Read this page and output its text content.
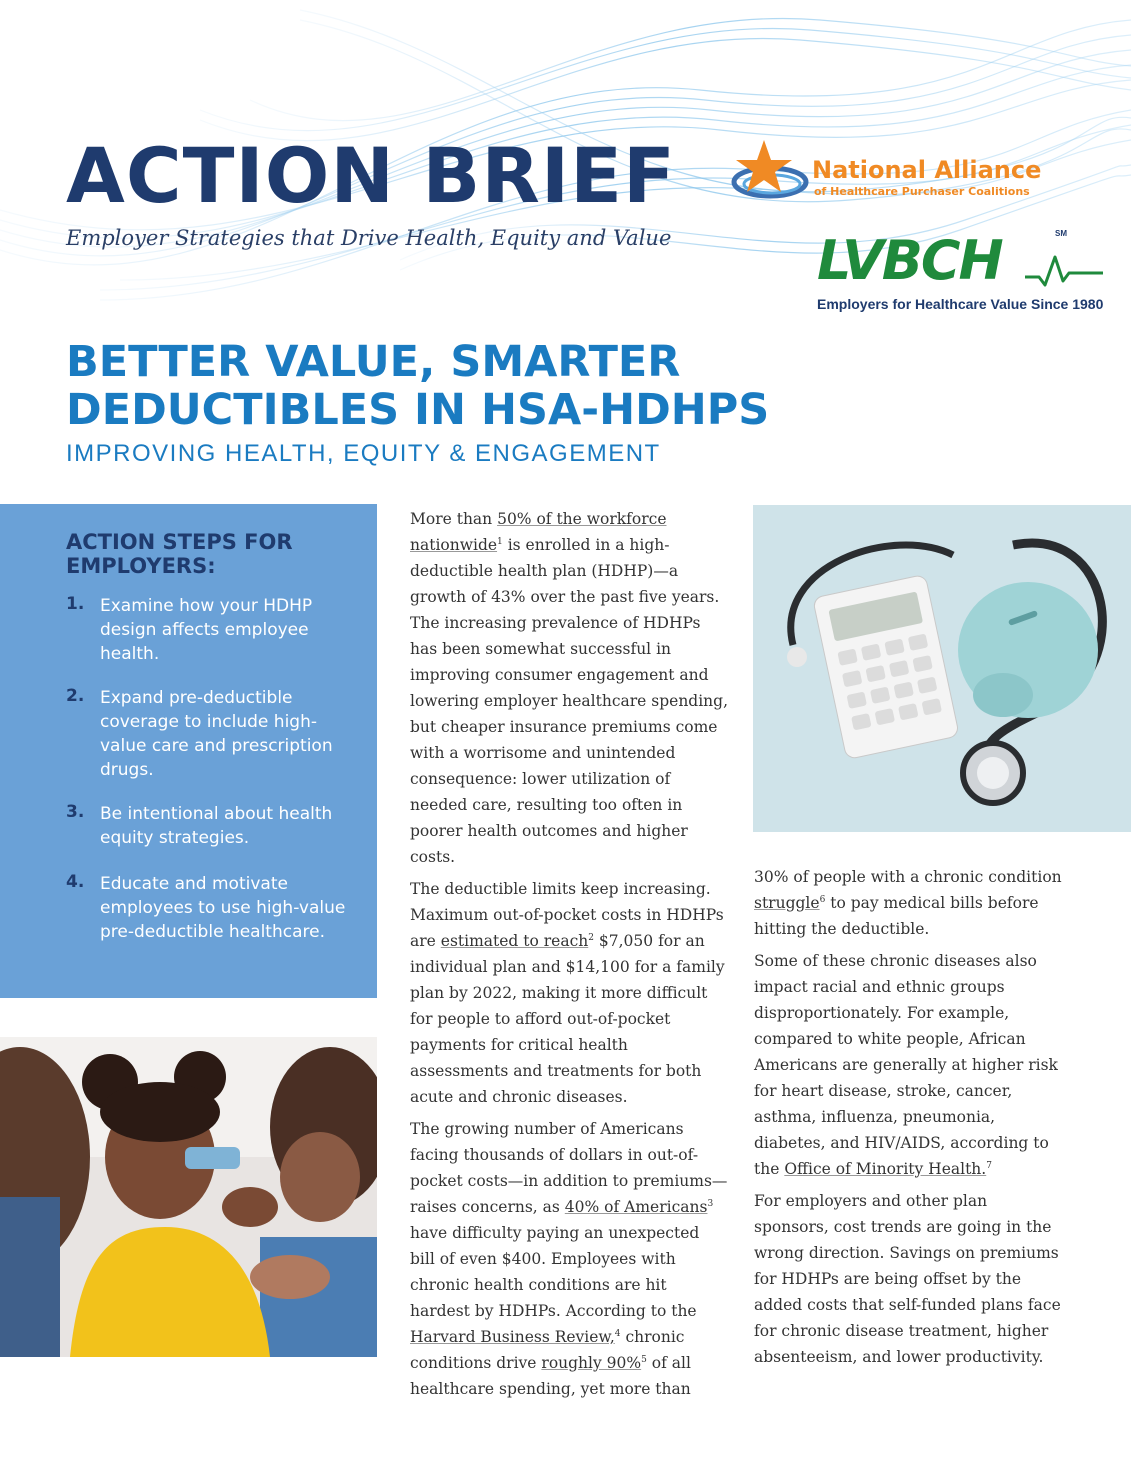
ACTION BRIEF
Employer Strategies that Drive Health, Equity and Value
National Alliance
of Healthcare Purchaser Coalitions
LVBCH	SM
Employers for Healthcare Value Since 1980
BETTER VALUE, SMARTER
DEDUCTIBLES IN HSA-HDHPS
IMPROVING HEALTH, EQUITY & ENGAGEMENT
ACTION STEPS FOR
EMPLOYERS:
1. Examine how your HDHP design affects employee health.
2. Expand pre-deductible coverage to include high-value care and prescription drugs.
3. Be intentional about health equity strategies.
4. Educate and motivate employees to use high-value pre-deductible healthcare.

More than 50% of the workforce nationwide$^1$ is enrolled in a high-deductible health plan (HDHP)—a growth of 43% over the past five years. The increasing prevalence of HDHPs has been somewhat successful in improving consumer engagement and lowering employer healthcare spending, but cheaper insurance premiums come with a worrisome and unintended consequence: lower utilization of needed care, resulting too often in poorer health outcomes and higher costs.

The deductible limits keep increasing. Maximum out-of-pocket costs in HDHPs are estimated to reach$^2$ $7,050 for an individual plan and $14,100 for a family plan by 2022, making it more difficult for people to afford out-of-pocket payments for critical health assessments and treatments for both acute and chronic diseases.

The growing number of Americans facing thousands of dollars in out-of-pocket costs—in addition to premiums—raises concerns, as 40% of Americans$^3$ have difficulty paying an unexpected bill of even $400. Employees with chronic health conditions are hit hardest by HDHPs. According to the Harvard Business Review,$^4$ chronic conditions drive roughly 90%$^5$ of all healthcare spending, yet more than

30% of people with a chronic condition struggle$^6$ to pay medical bills before hitting the deductible.

Some of these chronic diseases also impact racial and ethnic groups disproportionately. For example, compared to white people, African Americans are generally at higher risk for heart disease, stroke, cancer, asthma, influenza, pneumonia, diabetes, and HIV/AIDS, according to the Office of Minority Health.$^7$

For employers and other plan sponsors, cost trends are going in the wrong direction. Savings on premiums for HDHPs are being offset by the added costs that self-funded plans face for chronic disease treatment, higher absenteeism, and lower productivity.
